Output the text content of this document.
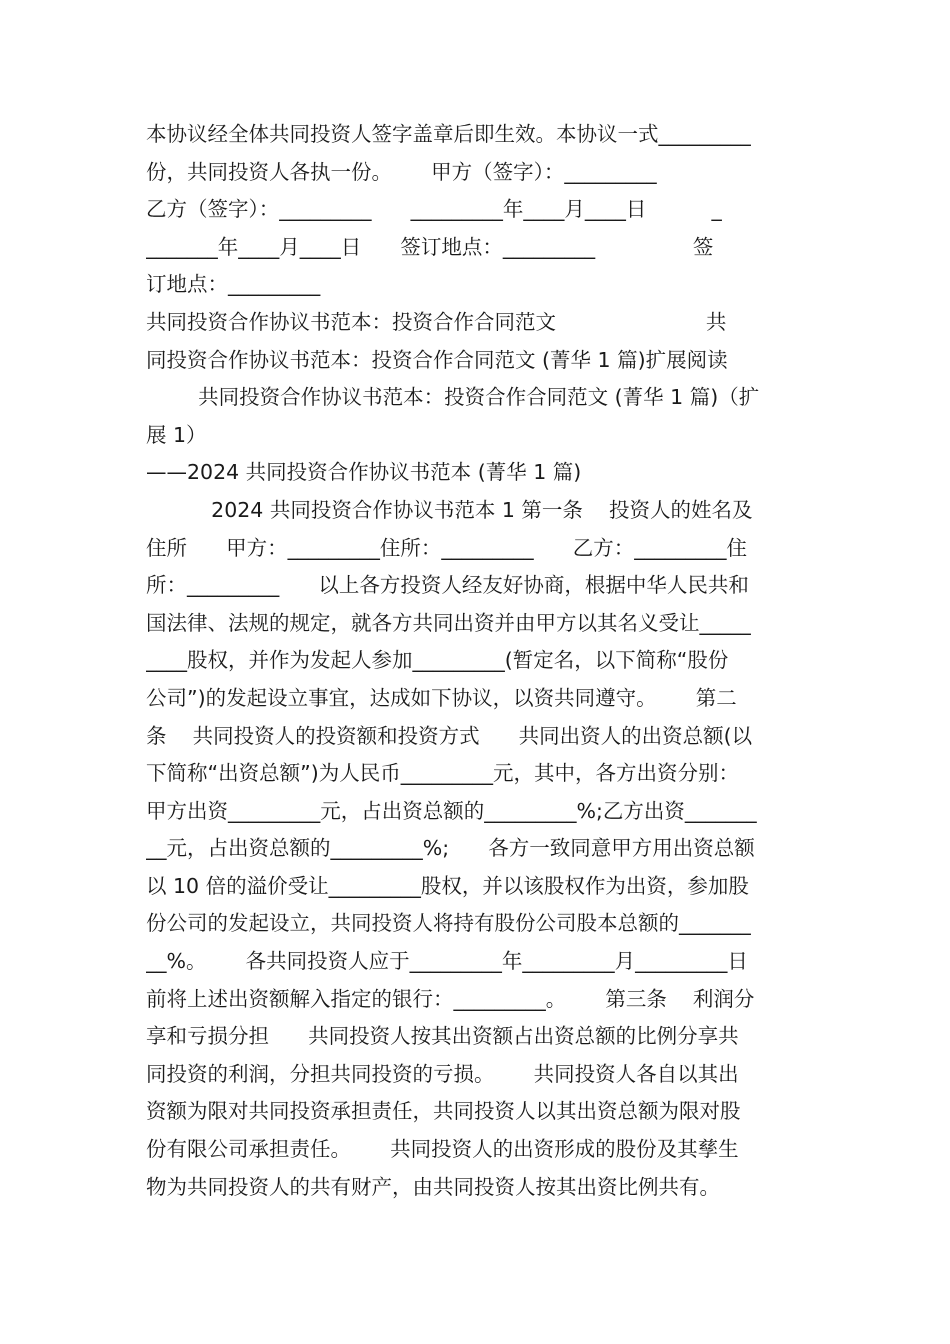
本协议经全体共同投资人签字盖章后即生效。本协议一式_________
份，共同投资人各执一份。      甲方（签字）：_________
乙方（签字）：_________      _________年____月____日          _
_______年____月____日      签订地点：_________               签
订地点：_________
共同投资合作协议书范本：投资合作合同范文                       共
同投资合作协议书范本：投资合作合同范文 (菁华 1 篇)扩展阅读
共同投资合作协议书范本：投资合作合同范文 (菁华 1 篇)（扩
展 1）
——2024 共同投资合作协议书范本 (菁华 1 篇)
2024 共同投资合作协议书范本 1 第一条    投资人的姓名及
住所      甲方：_________住所：_________      乙方：_________住
所：_________      以上各方投资人经友好协商，根据中华人民共和
国法律、法规的规定，就各方共同出资并由甲方以其名义受让_____
____股权，并作为发起人参加_________(暂定名，以下简称“股份
公司”)的发起设立事宜，达成如下协议，以资共同遵守。      第二
条    共同投资人的投资额和投资方式      共同出资人的出资总额(以
下简称“出资总额”)为人民币_________元，其中，各方出资分别：
甲方出资_________元，占出资总额的_________%;乙方出资_______
__元，占出资总额的_________%;      各方一致同意甲方用出资总额
以 10 倍的溢价受让_________股权，并以该股权作为出资，参加股
份公司的发起设立，共同投资人将持有股份公司股本总额的_______
__%。      各共同投资人应于_________年_________月_________日
前将上述出资额解入指定的银行：_________。      第三条    利润分
享和亏损分担      共同投资人按其出资额占出资总额的比例分享共
同投资的利润，分担共同投资的亏损。      共同投资人各自以其出
资额为限对共同投资承担责任，共同投资人以其出资总额为限对股
份有限公司承担责任。      共同投资人的出资形成的股份及其孳生
物为共同投资人的共有财产，由共同投资人按其出资比例共有。
